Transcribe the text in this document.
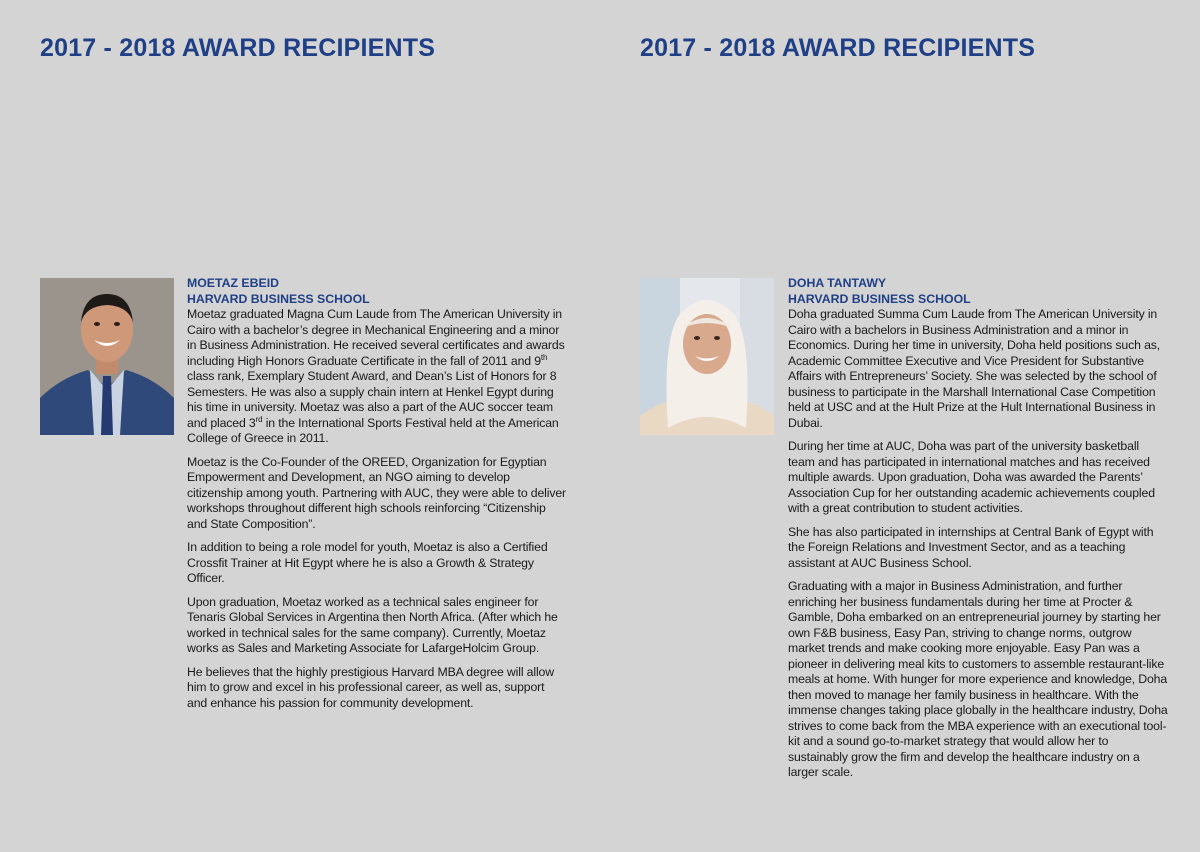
2017 - 2018 AWARD RECIPIENTS
MOETAZ EBEID
HARVARD BUSINESS SCHOOL

Moetaz graduated Magna Cum Laude from The American University in Cairo with a bachelor’s degree in Mechanical Engineering and a minor in Business Administration. He received several certificates and awards including High Honors Graduate Certificate in the fall of 2011 and 9th class rank, Exemplary Student Award, and Dean’s List of Honors for 8 Semesters. He was also a supply chain intern at Henkel Egypt during his time in university. Moetaz was also a part of the AUC soccer team and placed 3rd in the International Sports Festival held at the American College of Greece in 2011.

Moetaz is the Co-Founder of the OREED, Organization for Egyptian Empowerment and Development, an NGO aiming to develop citizenship among youth. Partnering with AUC, they were able to deliver workshops throughout different high schools reinforcing “Citizenship and State Composition”.

In addition to being a role model for youth, Moetaz is also a Certified Crossfit Trainer at Hit Egypt where he is also a Growth & Strategy Officer.

Upon graduation, Moetaz worked as a technical sales engineer for Tenaris Global Services in Argentina then North Africa. (After which he worked in technical sales for the same company). Currently, Moetaz works as Sales and Marketing Associate for LafargeHolcim Group.

He believes that the highly prestigious Harvard MBA degree will allow him to grow and excel in his professional career, as well as, support and enhance his passion for community development.

2017 - 2018 AWARD RECIPIENTS
DOHA TANTAWY
HARVARD BUSINESS SCHOOL

Doha graduated Summa Cum Laude from The American University in Cairo with a bachelors in Business Administration and a minor in Economics. During her time in university, Doha held positions such as, Academic Committee Executive and Vice President for Substantive Affairs with Entrepreneurs’ Society. She was selected by the school of business to participate in the Marshall International Case Competition held at USC and at the Hult Prize at the Hult International Business in Dubai.

During her time at AUC, Doha was part of the university basketball team and has participated in international matches and has received multiple awards. Upon graduation, Doha was awarded the Parents’ Association Cup for her outstanding academic achievements coupled with a great contribution to student activities.

She has also participated in internships at Central Bank of Egypt with the Foreign Relations and Investment Sector, and as a teaching assistant at AUC Business School.

Graduating with a major in Business Administration, and further enriching her business fundamentals during her time at Procter & Gamble, Doha embarked on an entrepreneurial journey by starting her own F&B business, Easy Pan, striving to change norms, outgrow market trends and make cooking more enjoyable. Easy Pan was a pioneer in delivering meal kits to customers to assemble restaurant-like meals at home. With hunger for more experience and knowledge, Doha then moved to manage her family business in healthcare. With the immense changes taking place globally in the healthcare industry, Doha strives to come back from the MBA experience with an executional tool-kit and a sound go-to-market strategy that would allow her to sustainably grow the firm and develop the healthcare industry on a larger scale.
